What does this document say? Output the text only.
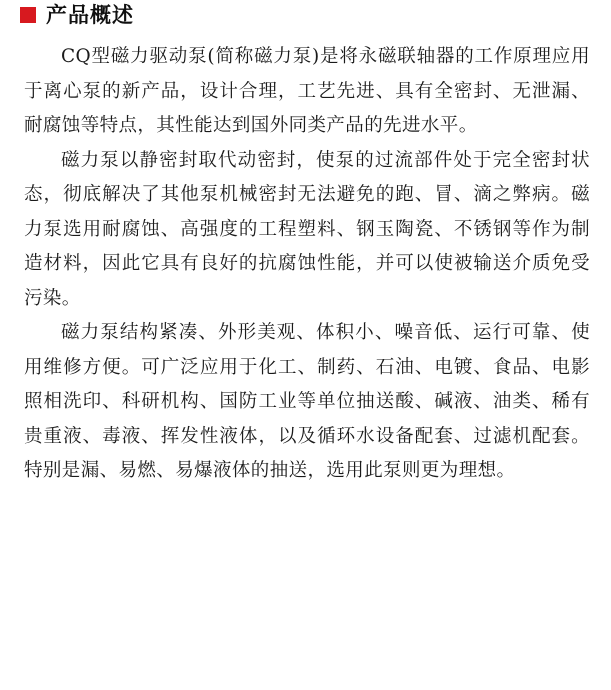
产品概述

CQ型磁力驱动泵(简称磁力泵)是将永磁联轴器的工作原理应用于离心泵的新产品，设计合理，工艺先进、具有全密封、无泄漏、耐腐蚀等特点，其性能达到国外同类产品的先进水平。

磁力泵以静密封取代动密封，使泵的过流部件处于完全密封状态，彻底解决了其他泵机械密封无法避免的跑、冒、滴之弊病。磁力泵选用耐腐蚀、高强度的工程塑料、钢玉陶瓷、不锈钢等作为制造材料，因此它具有良好的抗腐蚀性能，并可以使被输送介质免受污染。

磁力泵结构紧凑、外形美观、体积小、噪音低、运行可靠、使用维修方便。可广泛应用于化工、制药、石油、电镀、食品、电影照相洗印、科研机构、国防工业等单位抽送酸、碱液、油类、稀有贵重液、毒液、挥发性液体，以及循环水设备配套、过滤机配套。特别是漏、易燃、易爆液体的抽送，选用此泵则更为理想。
